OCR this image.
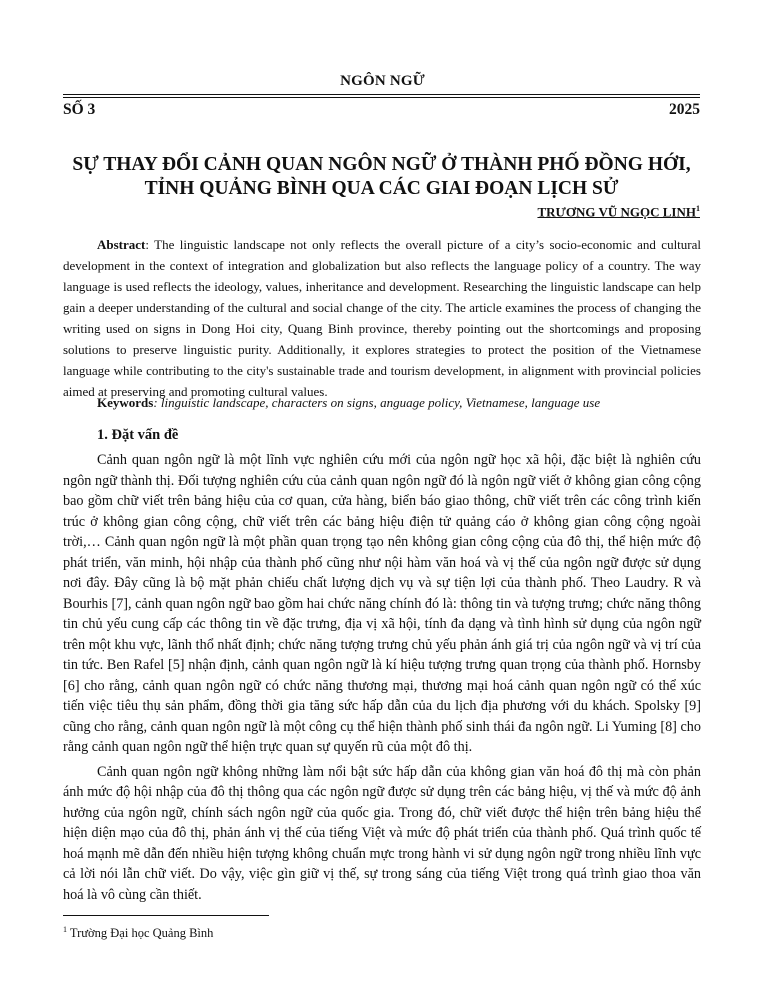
NGÔN NGỮ
SỐ 3	2025
SỰ THAY ĐỔI CẢNH QUAN NGÔN NGỮ Ở THÀNH PHỐ ĐỒNG HỚI,
TỈNH QUẢNG BÌNH QUA CÁC GIAI ĐOẠN LỊCH SỬ
TRƯƠNG VŨ NGỌC LINH$^1$
Abstract: The linguistic landscape not only reflects the overall picture of a city’s socio-economic and cultural development in the context of integration and globalization but also reflects the language policy of a country. The way language is used reflects the ideology, values, inheritance and development. Researching the linguistic landscape can help gain a deeper understanding of the cultural and social change of the city. The article examines the process of changing the writing used on signs in Dong Hoi city, Quang Binh province, thereby pointing out the shortcomings and proposing solutions to preserve linguistic purity. Additionally, it explores strategies to protect the position of the Vietnamese language while contributing to the city's sustainable trade and tourism development, in alignment with provincial policies aimed at preserving and promoting cultural values.
Keywords: linguistic landscape, characters on signs, anguage policy, Vietnamese, language use
1. Đặt vấn đề

Cảnh quan ngôn ngữ là một lĩnh vực nghiên cứu mới của ngôn ngữ học xã hội, đặc biệt là nghiên cứu ngôn ngữ thành thị. Đối tượng nghiên cứu của cảnh quan ngôn ngữ đó là ngôn ngữ viết ở không gian công cộng bao gồm chữ viết trên bảng hiệu của cơ quan, cửa hàng, biển báo giao thông, chữ viết trên các công trình kiến trúc ở không gian công cộng, chữ viết trên các bảng hiệu điện tử quảng cáo ở không gian công cộng ngoài trời,… Cảnh quan ngôn ngữ là một phần quan trọng tạo nên không gian công cộng của đô thị, thể hiện mức độ phát triển, văn minh, hội nhập của thành phố cũng như nội hàm văn hoá và vị thế của ngôn ngữ được sử dụng nơi đây. Đây cũng là bộ mặt phản chiếu chất lượng dịch vụ và sự tiện lợi của thành phố. Theo Laudry. R và Bourhis [7], cảnh quan ngôn ngữ bao gồm hai chức năng chính đó là: thông tin và tượng trưng; chức năng thông tin chủ yếu cung cấp các thông tin về đặc trưng, địa vị xã hội, tính đa dạng và tình hình sử dụng của ngôn ngữ trên một khu vực, lãnh thổ nhất định; chức năng tượng trưng chủ yếu phản ánh giá trị của ngôn ngữ và vị trí của tin tức. Ben Rafel [5] nhận định, cảnh quan ngôn ngữ là kí hiệu tượng trưng quan trọng của thành phố. Hornsby [6] cho rằng, cảnh quan ngôn ngữ có chức năng thương mại, thương mại hoá cảnh quan ngôn ngữ có thể xúc tiến việc tiêu thụ sản phẩm, đồng thời gia tăng sức hấp dẫn của du lịch địa phương với du khách. Spolsky [9] cũng cho rằng, cảnh quan ngôn ngữ là một công cụ thể hiện thành phố sinh thái đa ngôn ngữ. Li Yuming [8] cho rằng cảnh quan ngôn ngữ thể hiện trực quan sự quyến rũ của một đô thị.

Cảnh quan ngôn ngữ không những làm nổi bật sức hấp dẫn của không gian văn hoá đô thị mà còn phản ánh mức độ hội nhập của đô thị thông qua các ngôn ngữ được sử dụng trên các bảng hiệu, vị thế và mức độ ảnh hưởng của ngôn ngữ, chính sách ngôn ngữ của quốc gia. Trong đó, chữ viết được thể hiện trên bảng hiệu thể hiện diện mạo của đô thị, phản ánh vị thế của tiếng Việt và mức độ phát triển của thành phố. Quá trình quốc tế hoá mạnh mẽ dẫn đến nhiều hiện tượng không chuẩn mực trong hành vi sử dụng ngôn ngữ trong nhiều lĩnh vực cả lời nói lẫn chữ viết. Do vậy, việc gìn giữ vị thế, sự trong sáng của tiếng Việt trong quá trình giao thoa văn hoá là vô cùng cần thiết.

$^1$ Trường Đại học Quảng Bình
